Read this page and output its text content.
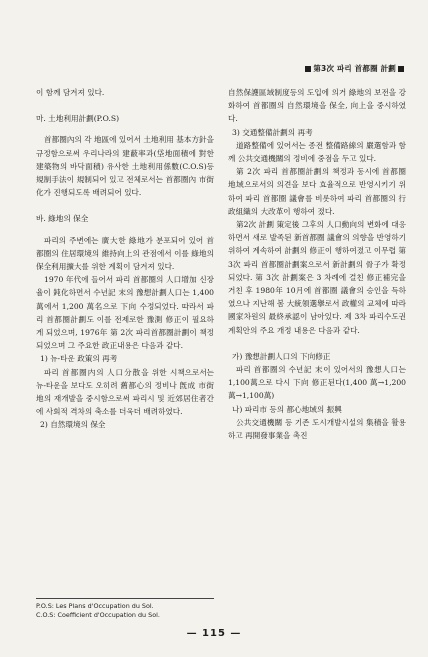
第3次 파리 首都圈 計劃

이 함께 담겨져 있다.

마. 土地利用計劃(P.O.S)

首都圈內의 각 地區에 있어서 土地利用 基本方針을 규정함으로써 우리나라의 建蔽率과(垈地面積에 對한 建築物의 바닥面積) 유사한 土地利用係數(C.O.S)등 規制手法이 規制되어 있고 전체로서는 首都圈內 市街化가 진행되도록 배려되어 있다.

바. 綠地의 保全

파리의 주변에는 廣大한 綠地가 분포되어 있어 首都圈의 住居環境의 維持向上의 관점에서 이를 綠地의 保全利用擴大를 위한 계획이 담겨져 있다.

1970 年代에 들어서 파리 首都圈의 人口增加 신장율이 鈍化하면서 수년記 末의 豫想計劃人口는 1,400 萬에서 1,200 萬名으로 下向 수정되었다. 따라서 파리 首都圈計劃도 이를 전제로한 豫測 修正이 필요하게 되었으며, 1976年 第 2次 파리首都圈計劃이 책정되었으며 그 주요한 政正내용은 다음과 같다.

1) 뉴-타운 政策의 再考

파리 首都圈内의 人口分散을 위한 시책으로서는 뉴-타운을 보다도 오히려 舊都心의 정비나 旣成 市街地의 재개발을 중시함으로써 파리시 및 近郊居住者간에 사회적 격차의 축소를 더욱더 배려하였다.

2) 自然環境의 保全

自然保護區域制度등의 도입에 의거 綠地의 보전을 강화하여 首都圈의 自然環境을 保全, 向上을 중시하였다.

3) 交通整備計劃의 再考

道路整備에 있어서는 종전 整備路線의 嚴選함과 함께 公共交通機關의 정비에 중점을 두고 있다.

第 2次 파리 首都圈計劃의 책정과 동시에 首都圈 地域으로서의 의견을 보다 효율적으로 반영시키기 위하여 파리 首都圈 議會를 비롯하여 파리 首都圈의 行政組織의 大改革이 행하여 졌다.

第2次 計劃 策定後 그후의 人口動向의 변화에 대응하면서 새로 발족된 新首都圈 議會의 의향을 반영하기 위하여 계속하여 計劃의 修正이 행하여졌고 이무렵 第 3次 파리 首都圈計劃案으로서 新計劃의 骨子가 확정되었다. 第 3次 計劃案은 3 차례에 걸친 修正補完을 거친 후 1980年 10月에 首都圈 議會의 승인을 득하였으나 지난해 봄 大統領選擧로서 政權의 교체에 따라 國家차원의 最終承認이 남아있다. 제 3차 파리수도권계획안의 주요 개정 내용은 다음과 같다.

가) 豫想計劃人口의 下向修正

파리 首都圈의 수년記 末이 있어서의 豫想人口는 1,100萬으로 다시 下向 修正된다(1,400 萬→1,200 萬→1,100萬)

나) 파리市 등의 都心地域의 振興

公共交通機關 등 기존 도시개발시설의 集積을 활용하고 再開發事業을 촉진

P.O.S: Les Plans d'Occupation du Sol.
C.O.S: Coefficient d'Occupation du Sol.
— 115 —
